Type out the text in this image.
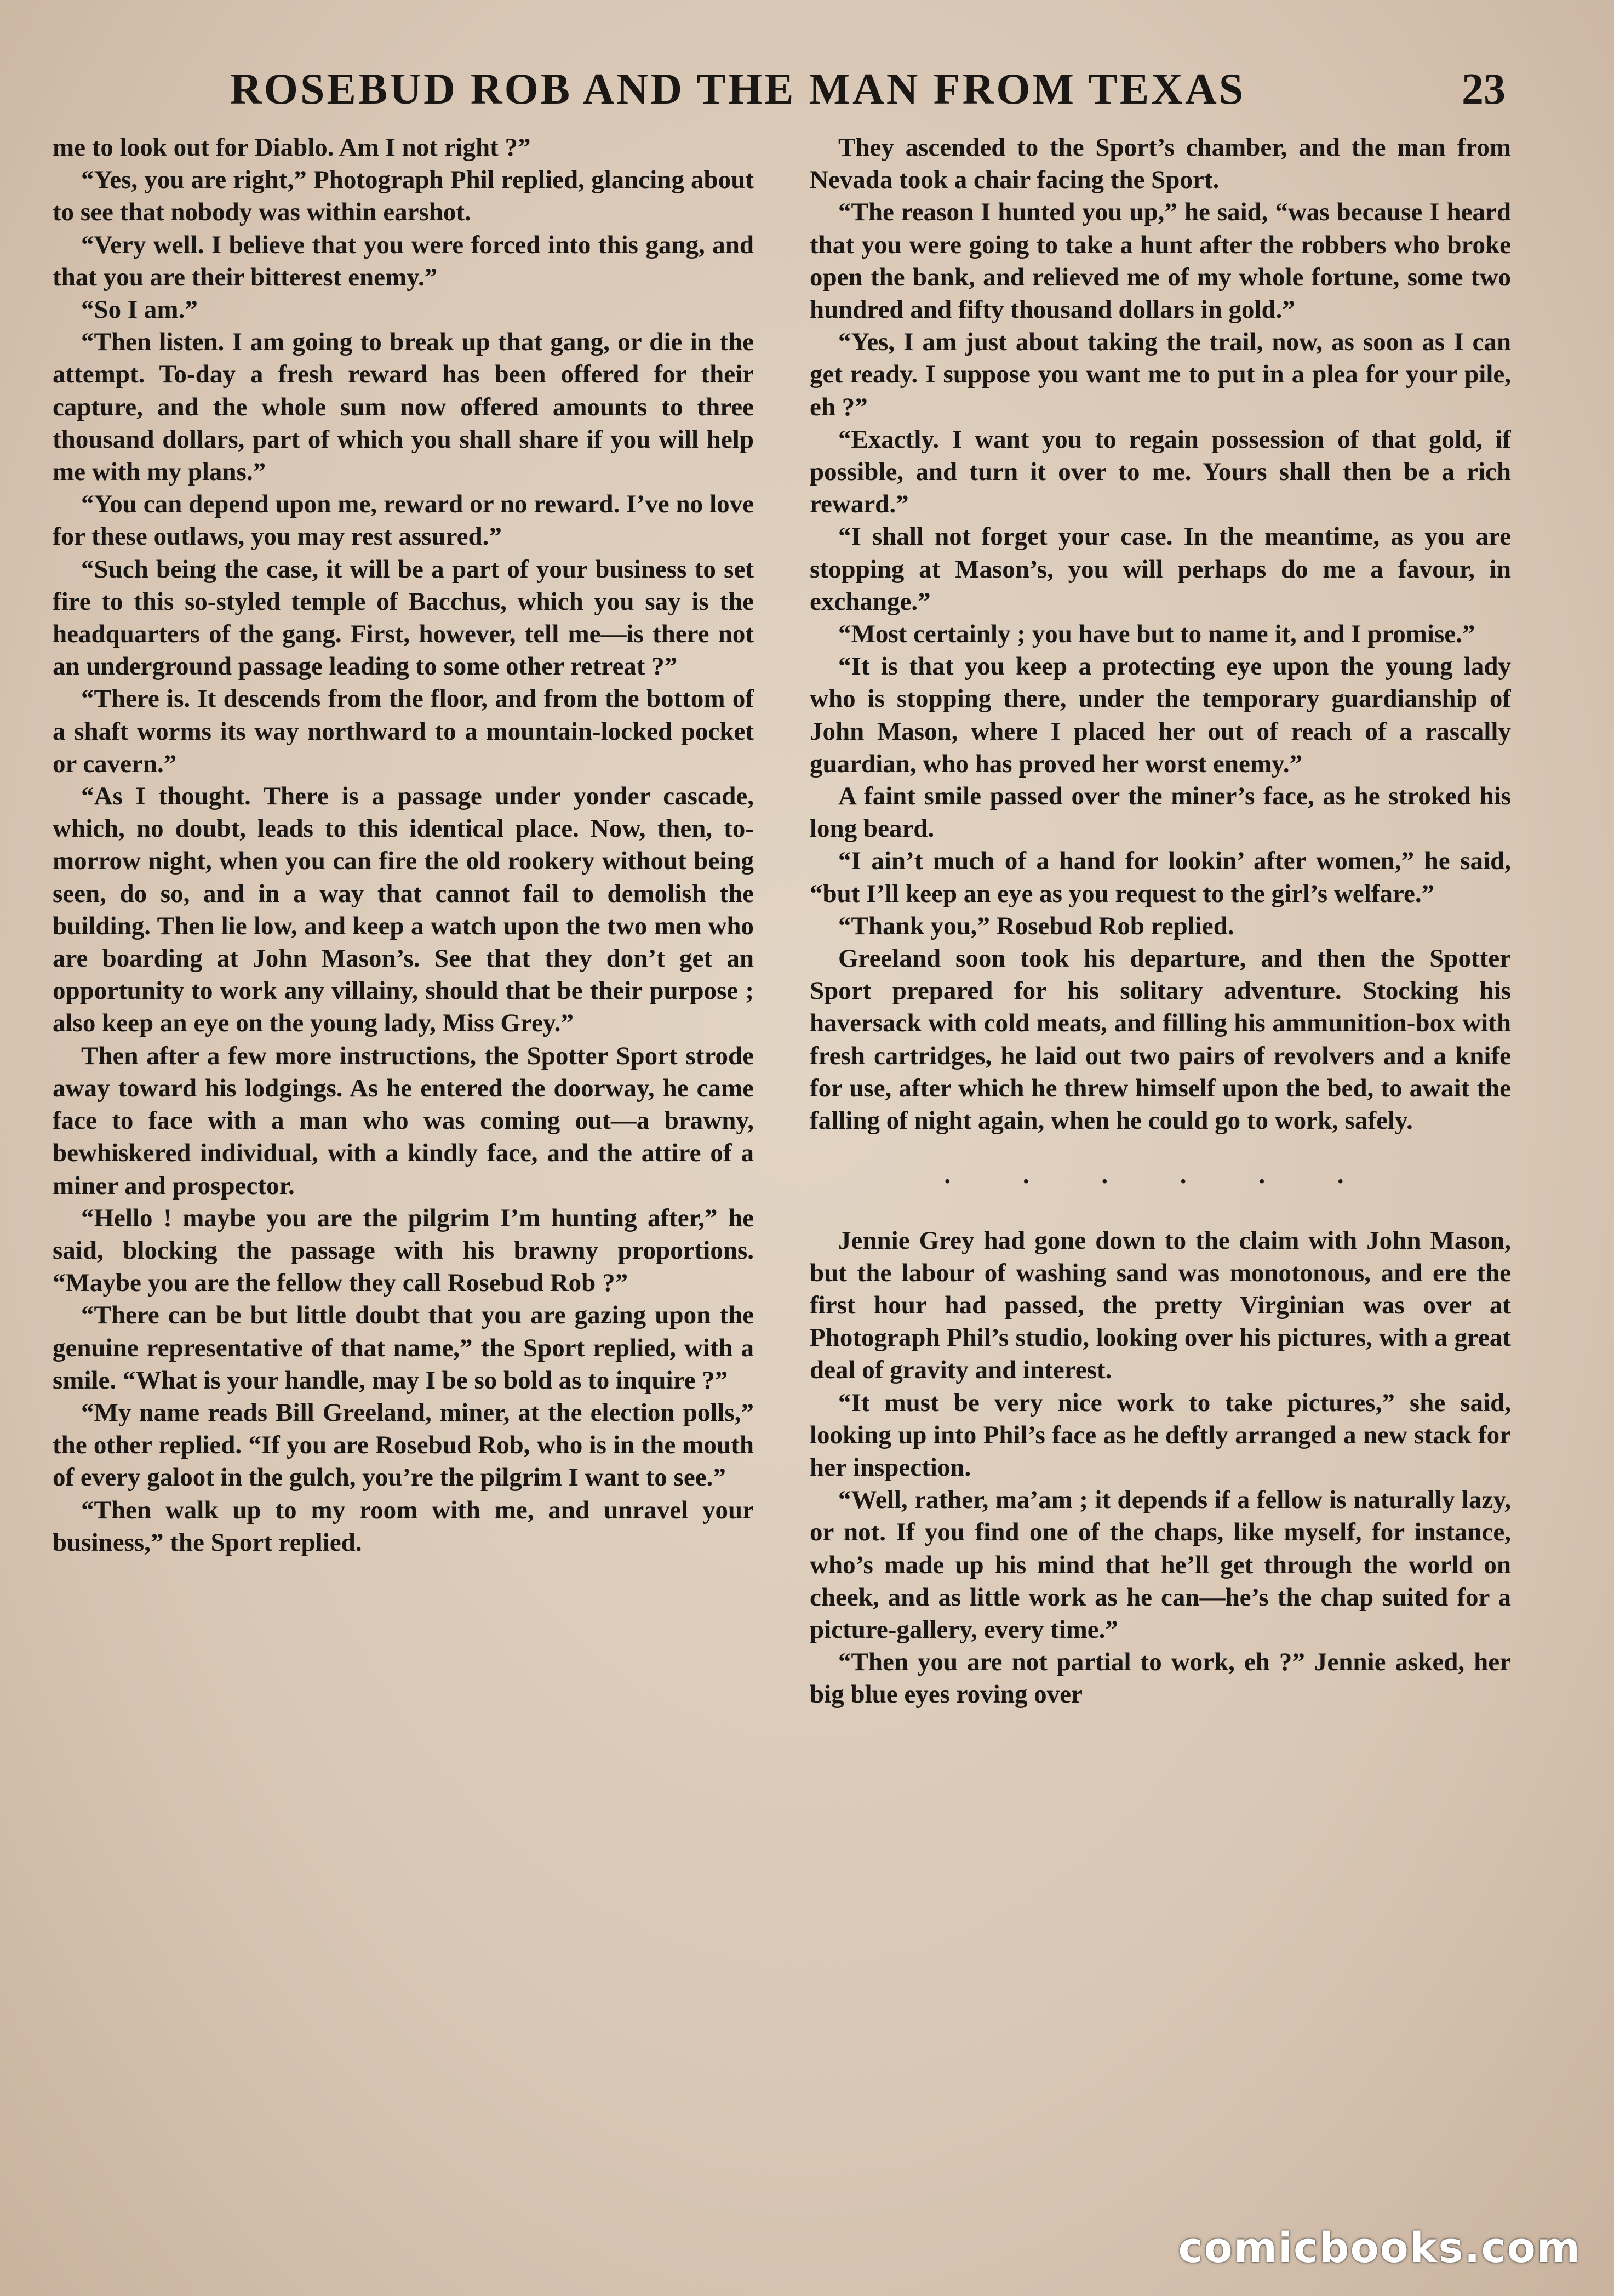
ROSEBUD ROB AND THE MAN FROM TEXAS	23

me to look out for Diablo. Am I not right ?”

“Yes, you are right,” Photograph Phil replied, glancing about to see that nobody was within earshot.

“Very well. I believe that you were forced into this gang, and that you are their bitterest enemy.”

“So I am.”

“Then listen. I am going to break up that gang, or die in the attempt. To-day a fresh reward has been offered for their capture, and the whole sum now offered amounts to three thousand dollars, part of which you shall share if you will help me with my plans.”

“You can depend upon me, reward or no reward. I’ve no love for these outlaws, you may rest assured.”

“Such being the case, it will be a part of your business to set fire to this so-styled temple of Bacchus, which you say is the headquarters of the gang. First, however, tell me—is there not an underground passage leading to some other retreat ?”

“There is. It descends from the floor, and from the bottom of a shaft worms its way northward to a mountain-locked pocket or cavern.”

“As I thought. There is a passage under yonder cascade, which, no doubt, leads to this identical place. Now, then, to-morrow night, when you can fire the old rookery without being seen, do so, and in a way that cannot fail to demolish the building. Then lie low, and keep a watch upon the two men who are boarding at John Mason’s. See that they don’t get an opportunity to work any villainy, should that be their purpose ; also keep an eye on the young lady, Miss Grey.”

Then after a few more instructions, the Spotter Sport strode away toward his lodgings. As he entered the doorway, he came face to face with a man who was coming out—a brawny, bewhiskered individual, with a kindly face, and the attire of a miner and prospector.

“Hello ! maybe you are the pilgrim I’m hunting after,” he said, blocking the passage with his brawny proportions. “Maybe you are the fellow they call Rosebud Rob ?”

“There can be but little doubt that you are gazing upon the genuine representative of that name,” the Sport replied, with a smile. “What is your handle, may I be so bold as to inquire ?”

“My name reads Bill Greeland, miner, at the election polls,” the other replied. “If you are Rosebud Rob, who is in the mouth of every galoot in the gulch, you’re the pilgrim I want to see.”

“Then walk up to my room with me, and unravel your business,” the Sport replied.

They ascended to the Sport’s chamber, and the man from Nevada took a chair facing the Sport.

“The reason I hunted you up,” he said, “was because I heard that you were going to take a hunt after the robbers who broke open the bank, and relieved me of my whole fortune, some two hundred and fifty thousand dollars in gold.”

“Yes, I am just about taking the trail, now, as soon as I can get ready. I suppose you want me to put in a plea for your pile, eh ?”

“Exactly. I want you to regain possession of that gold, if possible, and turn it over to me. Yours shall then be a rich reward.”

“I shall not forget your case. In the meantime, as you are stopping at Mason’s, you will perhaps do me a favour, in exchange.”

“Most certainly ; you have but to name it, and I promise.”

“It is that you keep a protecting eye upon the young lady who is stopping there, under the temporary guardianship of John Mason, where I placed her out of reach of a rascally guardian, who has proved her worst enemy.”

A faint smile passed over the miner’s face, as he stroked his long beard.

“I ain’t much of a hand for lookin’ after women,” he said, “but I’ll keep an eye as you request to the girl’s welfare.”

“Thank you,” Rosebud Rob replied.

Greeland soon took his departure, and then the Spotter Sport prepared for his solitary adventure. Stocking his haversack with cold meats, and filling his ammunition-box with fresh cartridges, he laid out two pairs of revolvers and a knife for use, after which he threw himself upon the bed, to await the falling of night again, when he could go to work, safely.

. . . . . .

Jennie Grey had gone down to the claim with John Mason, but the labour of washing sand was monotonous, and ere the first hour had passed, the pretty Virginian was over at Photograph Phil’s studio, looking over his pictures, with a great deal of gravity and interest.

“It must be very nice work to take pictures,” she said, looking up into Phil’s face as he deftly arranged a new stack for her inspection.

“Well, rather, ma’am ; it depends if a fellow is naturally lazy, or not. If you find one of the chaps, like myself, for instance, who’s made up his mind that he’ll get through the world on cheek, and as little work as he can—he’s the chap suited for a picture-gallery, every time.”

“Then you are not partial to work, eh ?” Jennie asked, her big blue eyes roving over

comicbooks.com
